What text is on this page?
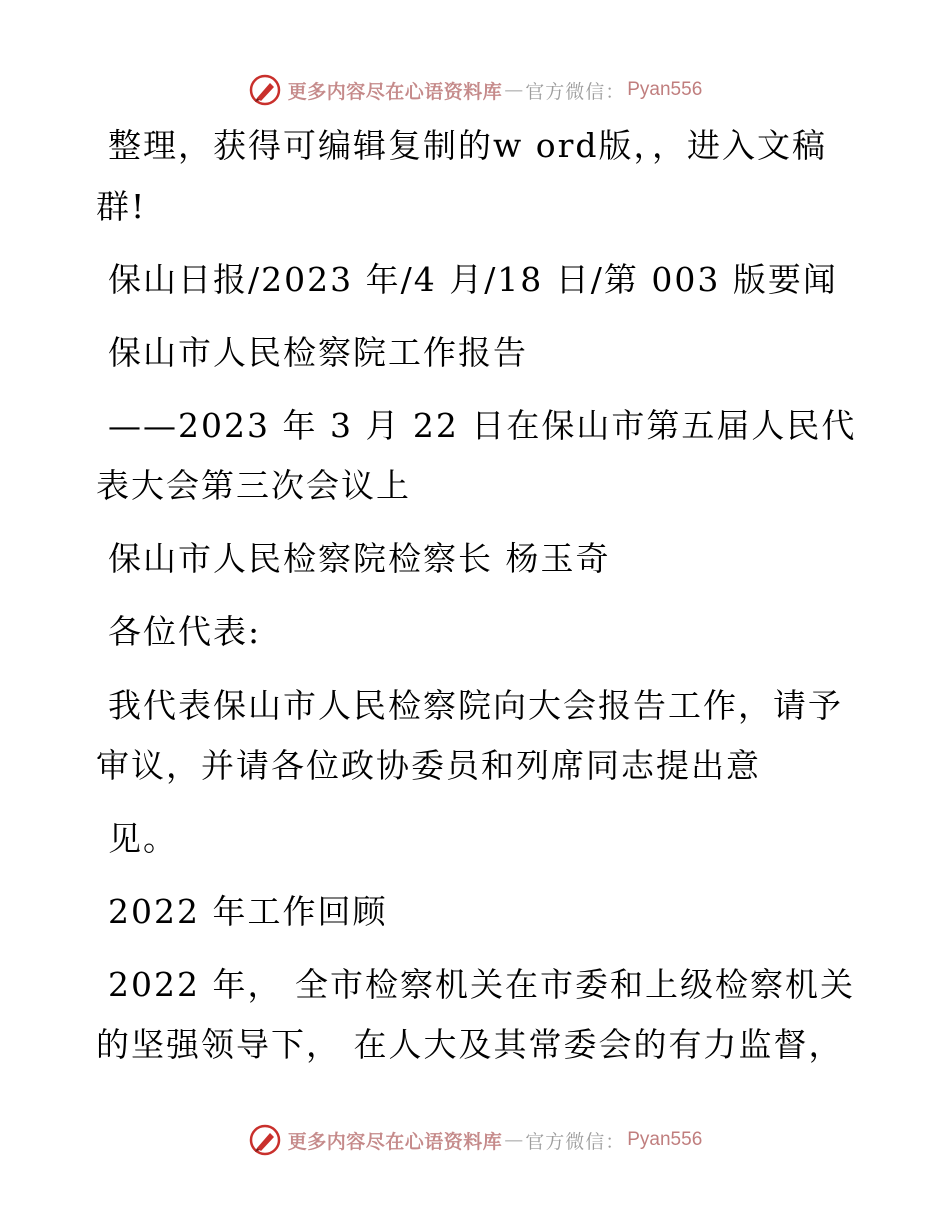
更多内容尽在心语资料库 — 官方微信： Pyan556
整理，获得可编辑复制的w ord版，，进入文稿
群!
保山日报/2023 年/4 月/18 日/第 003 版要闻
保山市人民检察院工作报告
——2023 年 3 月 22 日在保山市第五届人民代
表大会第三次会议上
保山市人民检察院检察长 杨玉奇
各位代表:
我代表保山市人民检察院向大会报告工作，请予
审议，并请各位政协委员和列席同志提出意
见。
2022 年工作回顾
2022 年， 全市检察机关在市委和上级检察机关
的坚强领导下， 在人大及其常委会的有力监督，
更多内容尽在心语资料库 — 官方微信： Pyan556
